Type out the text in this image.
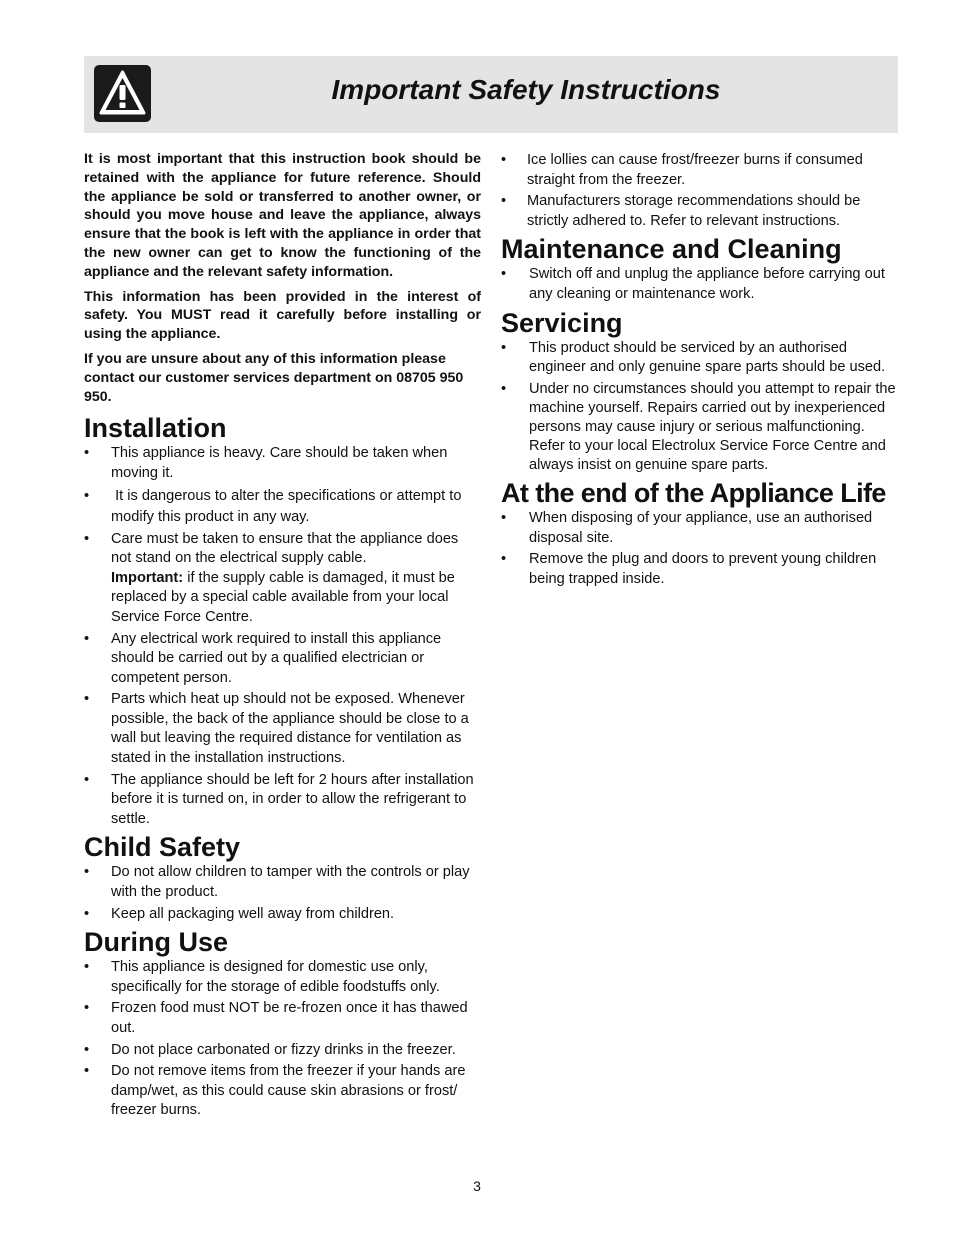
Important Safety Instructions

It is most important that this instruction book should be retained with the appliance for future reference. Should the appliance be sold or transferred to another owner, or should you move house and leave the appliance, always ensure that the book is left with the appliance in order that the new owner can get to know the functioning of the appliance and the relevant safety information.

This information has been provided in the interest of safety. You MUST read it carefully before installing or using the appliance.

If you are unsure about any of this information please contact our customer services department on 08705 950 950.

Installation
• This appliance is heavy. Care should be taken when moving it.
• It is dangerous to alter the specifications or attempt to modify this product in any way.
• Care must be taken to ensure that the appliance does not stand on the electrical supply cable.
Important: if the supply cable is damaged, it must be replaced by a special cable available from your local Service Force Centre.
• Any electrical work required to install this appliance should be carried out by a qualified electrician or competent person.
• Parts which heat up should not be exposed. Whenever possible, the back of the appliance should be close to a wall but leaving the required distance for ventilation as stated in the installation instructions.
• The appliance should be left for 2 hours after installation before it is turned on, in order to allow the refrigerant to settle.
Child Safety
• Do not allow children to tamper with the controls or play with the product.
• Keep all packaging well away from children.
During Use
• This appliance is designed for domestic use only, specifically for the storage of edible foodstuffs only.
• Frozen food must NOT be re-frozen once it has thawed out.
• Do not place carbonated or fizzy drinks in the freezer.
• Do not remove items from the freezer if your hands are damp/wet, as this could cause skin abrasions or frost/ freezer burns.
• Ice lollies can cause frost/freezer burns if consumed straight from the freezer.
• Manufacturers storage recommendations should be strictly adhered to. Refer to relevant instructions.
Maintenance and Cleaning
• Switch off and unplug the appliance before carrying out any cleaning or maintenance work.
Servicing
• This product should be serviced by an authorised engineer and only genuine spare parts should be used.
• Under no circumstances should you attempt to repair the machine yourself. Repairs carried out by inexperienced persons may cause injury or serious malfunctioning. Refer to your local Electrolux Service Force Centre and always insist on genuine spare parts.
At the end of the Appliance Life
• When disposing of your appliance, use an authorised disposal site.
• Remove the plug and doors to prevent young children being trapped inside.
3
